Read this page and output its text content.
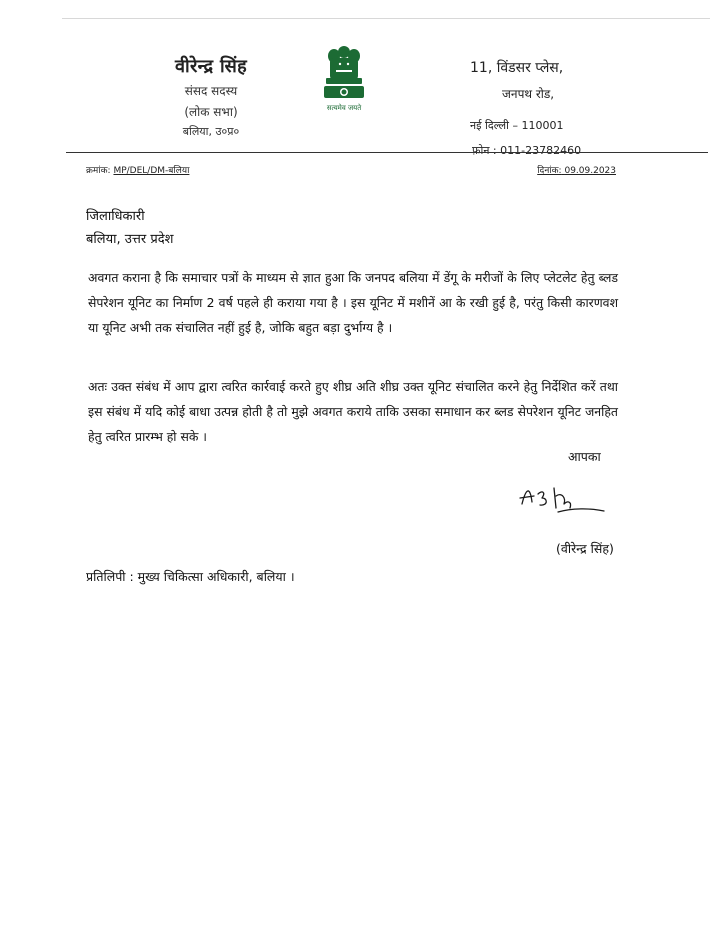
वीरेन्द्र सिंह
संसद सदस्य
(लोक सभा)
बलिया, उ०प्र०
सत्यमेव जयते
11, विंडसर प्लेस,
जनपथ रोड,
नई दिल्ली – 110001
फ़ोन : 011-23782460
क्रमांक: MP/DEL/DM-बलिया	दिनांक: 09.09.2023
जिलाधिकारी
बलिया, उत्तर प्रदेश
अवगत कराना है कि समाचार पत्रों के माध्यम से ज्ञात हुआ कि जनपद बलिया में डेंगू के मरीजों के लिए प्लेटलेट हेतु ब्लड सेपरेशन यूनिट का निर्माण 2 वर्ष पहले ही कराया गया है । इस यूनिट में मशीनें आ के रखी हुई है, परंतु किसी कारणवश या यूनिट अभी तक संचालित नहीं हुई है, जोकि बहुत बड़ा दुर्भाग्य है ।
अतः उक्त संबंध में आप द्वारा त्वरित कार्रवाई करते हुए शीघ्र अति शीघ्र उक्त यूनिट संचालित करने हेतु निर्देशित करें तथा इस संबंध में यदि कोई बाधा उत्पन्न होती है तो मुझे अवगत कराये ताकि उसका समाधान कर ब्लड सेपरेशन यूनिट जनहित हेतु त्वरित प्रारम्भ हो सके ।
आपका
(वीरेन्द्र सिंह)
प्रतिलिपी : मुख्य चिकित्सा अधिकारी, बलिया ।
